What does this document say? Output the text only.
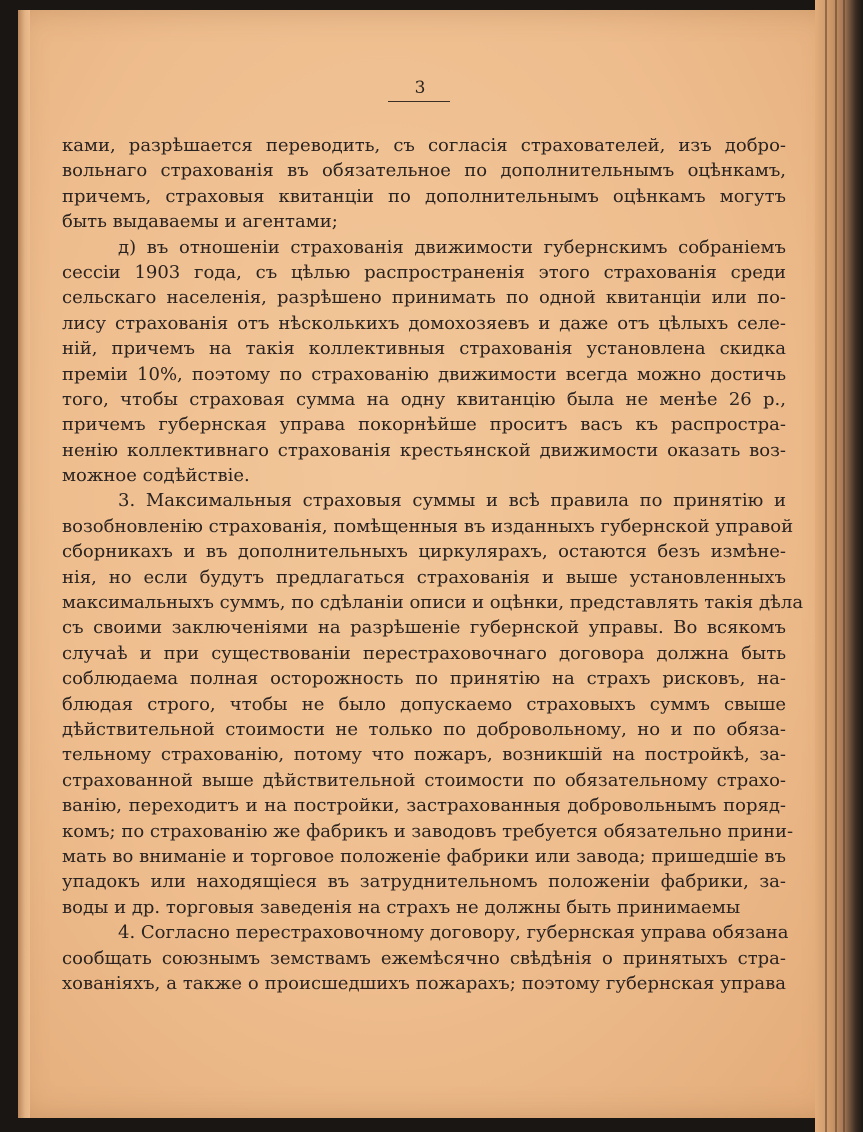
3
ками, разрѣшается переводить, съ согласія страхователей, изъ добро-
вольнаго страхованія въ обязательное по дополнительнымъ оцѣнкамъ,
причемъ, страховыя квитанціи по дополнительнымъ оцѣнкамъ могутъ
быть выдаваемы и агентами;
д) въ отношеніи страхованія движимости губернскимъ собраніемъ
сессіи 1903 года, съ цѣлью распространенія этого страхованія среди
сельскаго населенія, разрѣшено принимать по одной квитанціи или по-
лису страхованія отъ нѣсколькихъ домохозяевъ и даже отъ цѣлыхъ селе-
ній, причемъ на такія коллективныя страхованія установлена скидка
преміи 10%, поэтому по страхованію движимости всегда можно достичь
того, чтобы страховая сумма на одну квитанцію была не менѣе 26 р.,
причемъ губернская управа покорнѣйше проситъ васъ къ распростра-
ненію коллективнаго страхованія крестьянской движимости оказать воз-
можное содѣйствіе.
3. Максимальныя страховыя суммы и всѣ правила по принятію и
возобновленію страхованія, помѣщенныя въ изданныхъ губернской управой
сборникахъ и въ дополнительныхъ циркулярахъ, остаются безъ измѣне-
нія, но если будутъ предлагаться страхованія и выше установленныхъ
максимальныхъ суммъ, по сдѣланіи описи и оцѣнки, представлять такія дѣла
съ своими заключеніями на разрѣшеніе губернской управы. Во всякомъ
случаѣ и при существованіи перестраховочнаго договора должна быть
соблюдаема полная осторожность по принятію на страхъ рисковъ, на-
блюдая строго, чтобы не было допускаемо страховыхъ суммъ свыше
дѣйствительной стоимости не только по добровольному, но и по обяза-
тельному страхованію, потому что пожаръ, возникшій на постройкѣ, за-
страхованной выше дѣйствительной стоимости по обязательному страхо-
ванію, переходитъ и на постройки, застрахованныя добровольнымъ поряд-
комъ; по страхованію же фабрикъ и заводовъ требуется обязательно прини-
мать во вниманіе и торговое положеніе фабрики или завода; пришедшіе въ
упадокъ или находящіеся въ затруднительномъ положеніи фабрики, за-
воды и др. торговыя заведенія на страхъ не должны быть принимаемы
4. Согласно перестраховочному договору, губернская управа обязана
сообщать союзнымъ земствамъ ежемѣсячно свѣдѣнія о принятыхъ стра-
хованіяхъ, а также о происшедшихъ пожарахъ; поэтому губернская управа
